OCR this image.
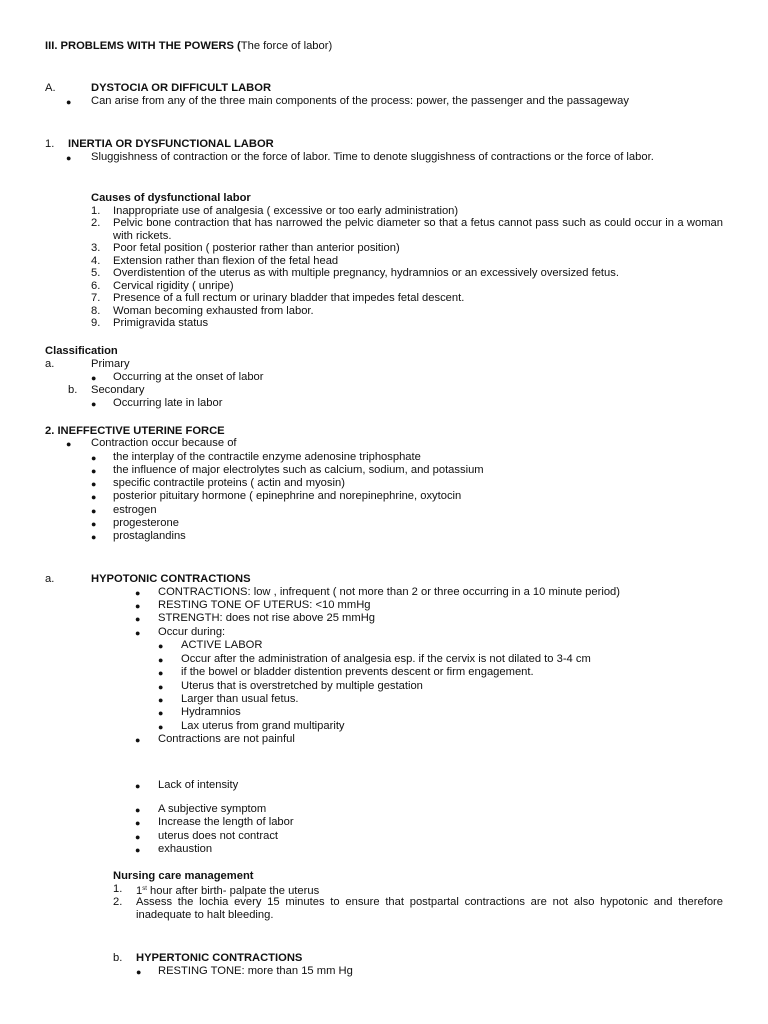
III. PROBLEMS WITH THE POWERS (The force of labor)
A.	DYSTOCIA OR DIFFICULT LABOR
● Can arise from any of the three main components of the process: power, the passenger and the passageway
1. INERTIA OR DYSFUNCTIONAL LABOR
● Sluggishness of contraction or the force of labor. Time to denote sluggishness of contractions or the force of labor.
Causes of dysfunctional labor
1. Inappropriate use of analgesia ( excessive or too early administration)
2. Pelvic bone contraction that has narrowed the pelvic diameter so that a fetus cannot pass such as could occur in a woman with rickets.
3. Poor fetal position ( posterior rather than anterior position)
4. Extension rather than flexion of the fetal head
5. Overdistention of the uterus as with multiple pregnancy, hydramnios or an excessively oversized fetus.
6. Cervical rigidity ( unripe)
7. Presence of a full rectum or urinary bladder that impedes fetal descent.
8. Woman becoming exhausted from labor.
9. Primigravida status
Classification
a.	Primary
● Occurring at the onset of labor
b. Secondary
● Occurring late in labor
2. INEFFECTIVE UTERINE FORCE
● Contraction occur because of
● the interplay of the contractile enzyme adenosine triphosphate
● the influence of major electrolytes such as calcium, sodium, and potassium
● specific contractile proteins ( actin and myosin)
● posterior pituitary hormone ( epinephrine and norepinephrine, oxytocin
● estrogen
● progesterone
● prostaglandins
a.	HYPOTONIC CONTRACTIONS
● CONTRACTIONS: low , infrequent ( not more than 2 or three occurring in a 10 minute period)
● RESTING TONE OF UTERUS: <10 mmHg
● STRENGTH: does not rise above 25 mmHg
● Occur during:
● ACTIVE LABOR
● Occur after the administration of analgesia esp. if the cervix is not dilated to 3-4 cm
● if the bowel or bladder distention prevents descent or firm engagement.
● Uterus that is overstretched by multiple gestation
● Larger than usual fetus.
● Hydramnios
● Lax uterus from grand multiparity
● Contractions are not painful
● Lack of intensity
● A subjective symptom
● Increase the length of labor
● uterus does not contract
● exhaustion
Nursing care management
1. 1st hour after birth- palpate the uterus
2. Assess the lochia every 15 minutes to ensure that postpartal contractions are not also hypotonic and therefore inadequate to halt bleeding.
b. HYPERTONIC CONTRACTIONS
● RESTING TONE: more than 15 mm Hg
